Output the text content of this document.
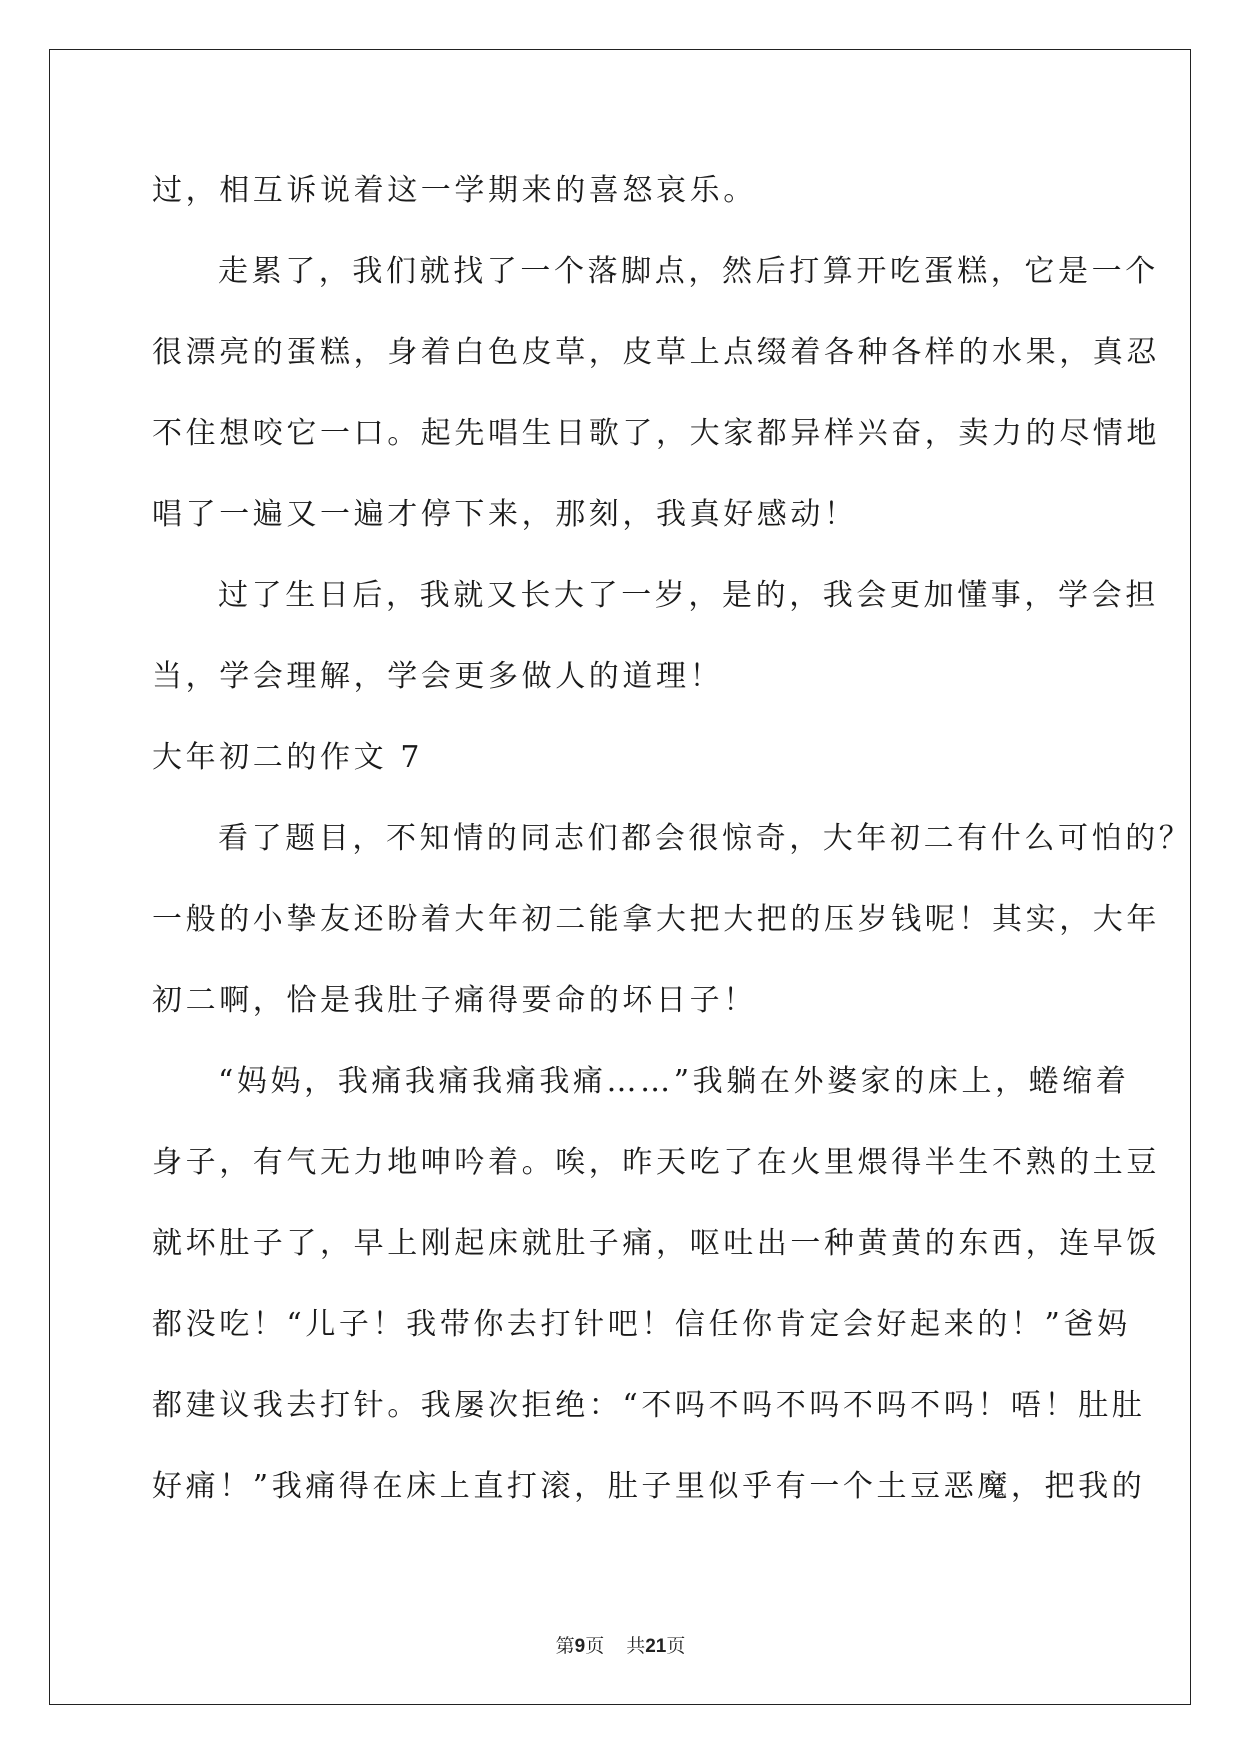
过，相互诉说着这一学期来的喜怒哀乐。
走累了，我们就找了一个落脚点，然后打算开吃蛋糕，它是一个
很漂亮的蛋糕，身着白色皮草，皮草上点缀着各种各样的水果，真忍
不住想咬它一口。起先唱生日歌了，大家都异样兴奋，卖力的尽情地
唱了一遍又一遍才停下来，那刻，我真好感动！
过了生日后，我就又长大了一岁，是的，我会更加懂事，学会担
当，学会理解，学会更多做人的道理！
大年初二的作文 7
看了题目，不知情的同志们都会很惊奇，大年初二有什么可怕的？
一般的小挚友还盼着大年初二能拿大把大把的压岁钱呢！其实，大年
初二啊，恰是我肚子痛得要命的坏日子！
“妈妈，我痛我痛我痛我痛……”我躺在外婆家的床上，蜷缩着
身子，有气无力地呻吟着。唉，昨天吃了在火里煨得半生不熟的土豆
就坏肚子了，早上刚起床就肚子痛，呕吐出一种黄黄的东西，连早饭
都没吃！“儿子！我带你去打针吧！信任你肯定会好起来的！”爸妈
都建议我去打针。我屡次拒绝：“不吗不吗不吗不吗不吗！唔！肚肚
好痛！”我痛得在床上直打滚，肚子里似乎有一个土豆恶魔，把我的
第9页 共21页
